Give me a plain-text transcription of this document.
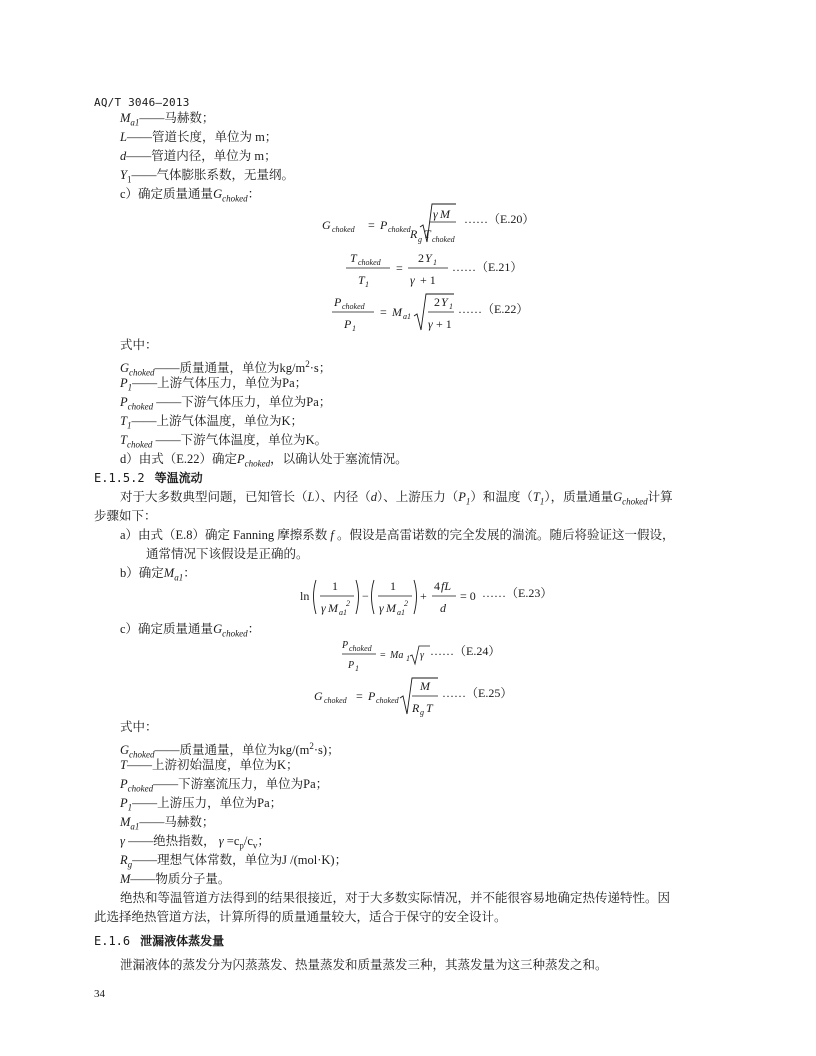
AQ/T 3046—2013
$M_{a1}——$马赫数；
L——管道长度，单位为 m；
d——管道内径，单位为 m；
$Y_1——$气体膨胀系数，无量纲。
c）确定质量通量$G_{choked}$：
G choked = P choked
γ M
R g T choked
……（E.20）
T choked
T 1
=
2 Y 1
γ + 1
……（E.21）
P choked
P 1
= M a1
2 Y 1
γ + 1
……（E.22）
式中：
$G_{choked}——$质量通量，单位为$kg/m^2\cdot s$；
$P_1——$上游气体压力，单位为Pa；
$P_{choked}$ ——下游气体压力，单位为Pa；
$T_1——$上游气体温度，单位为K；
$T_{choked}$ ——下游气体温度，单位为K。
d）由式（E.22）确定$P_{choked}$，以确认处于塞流情况。
E.1.5.2 等温流动
对于大多数典型问题，已知管长（L）、内径（d）、上游压力$(P_1)$和温度$(T_1)$，质量通量$G_{choked}$计算
步骤如下：
a）由式（E.8）确定 Fanning 摩擦系数 f 。假设是高雷诺数的完全发展的湍流。随后将验证这一假设，
通常情况下该假设是正确的。
b）确定$M_{a1}$：
ln
1
γ M a1
2
−
1
γ M a1
2
+
4 fL
d
= 0 ……（E.23）
c）确定质量通量$G_{choked}$：
P choked
P 1
= Ma 1 γ ……（E.24）
G choked = P choked
M
R g T
……（E.25）
式中：
$G_{choked}——$质量通量，单位为$kg/(m^2\cdot s)$；
T——上游初始温度，单位为K；
$P_{choked}——$下游塞流压力，单位为Pa；
$P_1——$上游压力，单位为Pa；
$M_{a1}——$马赫数；
γ ——绝热指数， $\gamma =c_p/c_v$；
$R_g——$理想气体常数，单位为J /(mol·K)；
M——物质分子量。
绝热和等温管道方法得到的结果很接近，对于大多数实际情况，并不能很容易地确定热传递特性。因
此选择绝热管道方法，计算所得的质量通量较大，适合于保守的安全设计。
E.1.6 泄漏液体蒸发量
泄漏液体的蒸发分为闪蒸蒸发、热量蒸发和质量蒸发三种，其蒸发量为这三种蒸发之和。
34
